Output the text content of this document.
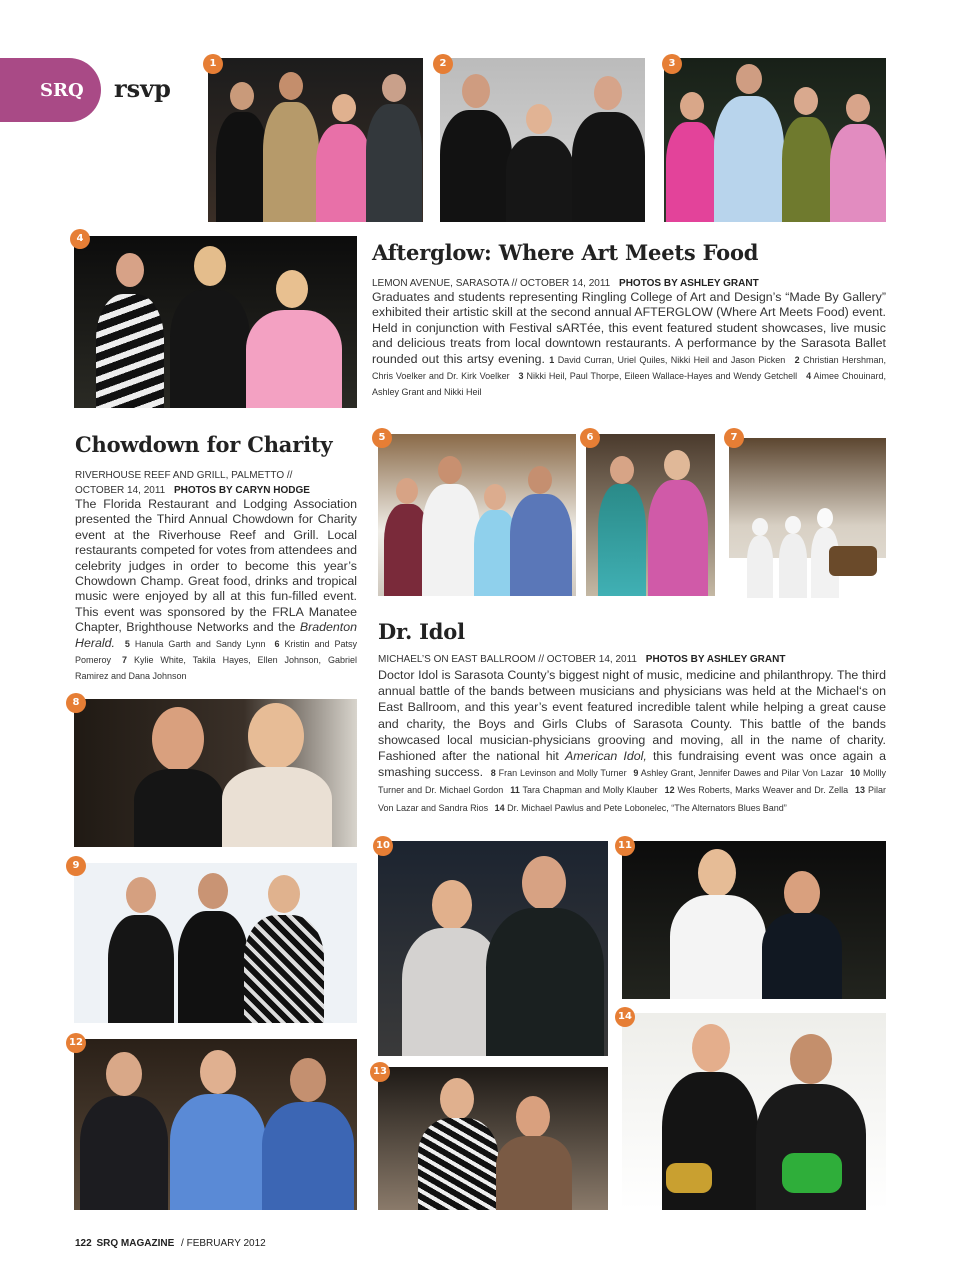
SRQ rsvp
1	2	3
4
Afterglow: Where Art Meets Food
LEMON AVENUE, SARASOTA // OCTOBER 14, 2011 PHOTOS BY ASHLEY GRANT
Graduates and students representing Ringling College of Art and Design’s “Made By Gallery” exhibited their artistic skill at the second annual AFTERGLOW (Where Art Meets Food) event. Held in conjunction with Festival sARTée, this event featured student showcases, live music and delicious treats from local downtown restaurants. A performance by the Sarasota Ballet rounded out this artsy evening. 1 David Curran, Uriel Quiles, Nikki Heil and Jason Picken 2 Christian Hershman, Chris Voelker and Dr. Kirk Voelker 3 Nikki Heil, Paul Thorpe, Eileen Wallace-Hayes and Wendy Getchell 4 Aimee Chouinard, Ashley Grant and Nikki Heil
Chowdown for Charity
RIVERHOUSE REEF AND GRILL, PALMETTO //
OCTOBER 14, 2011 PHOTOS BY CARYN HODGE
The Florida Restaurant and Lodging Association presented the Third Annual Chowdown for Charity event at the Riverhouse Reef and Grill. Local restaurants competed for votes from attendees and celebrity judges in order to become this year’s Chowdown Champ. Great food, drinks and tropical music were enjoyed by all at this fun-filled event. This event was sponsored by the FRLA Manatee Chapter, Brighthouse Networks and the Bradenton Herald. 5 Hanula Garth and Sandy Lynn 6 Kristin and Patsy Pomeroy 7 Kylie White, Takila Hayes, Ellen Johnson, Gabriel Ramirez and Dana Johnson
5	6	7
Dr. Idol
MICHAEL’S ON EAST BALLROOM // OCTOBER 14, 2011 PHOTOS BY ASHLEY GRANT
Doctor Idol is Sarasota County’s biggest night of music, medicine and philanthropy. The third annual battle of the bands between musicians and physicians was held at the Michael‘s on East Ballroom, and this year’s event featured incredible talent while helping a great cause and charity, the Boys and Girls Clubs of Sarasota County. This battle of the bands showcased local musician-physicians grooving and moving, all in the name of charity. Fashioned after the national hit American Idol, this fundraising event was once again a smashing success. 8 Fran Levinson and Molly Turner 9 Ashley Grant, Jennifer Dawes and Pilar Von Lazar 10 Mollly Turner and Dr. Michael Gordon 11 Tara Chapman and Molly Klauber 12 Wes Roberts, Marks Weaver and Dr. Zella 13 Pilar Von Lazar and Sandra Rios 14 Dr. Michael Pawlus and Pete Lobonelec, “The Alternators Blues Band”
8
9
10	11
12
13
14
122 SRQ MAGAZINE / FEBRUARY 2012
